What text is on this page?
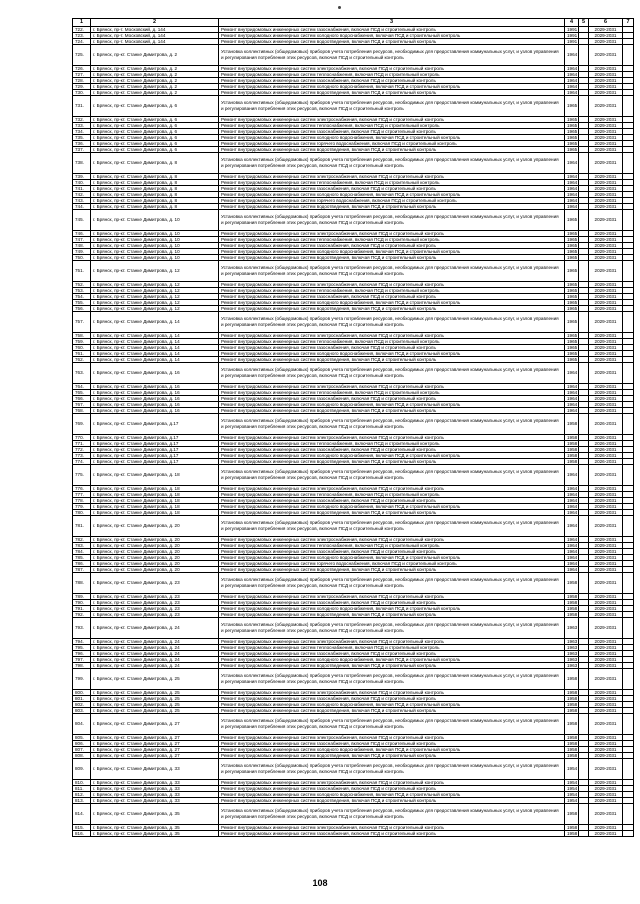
1	2	3	4	5	6	7
722.	г. Брянск, пр-т. Московский, д. 144	Ремонт внутридомовых инженерных систем газоснабжения, включая ПСД и строительный контроль	1991		2029-2031	
723.	г. Брянск, пр-т. Московский, д. 144	Ремонт внутридомовых инженерных систем холодного водоснабжения, включая ПСД и строительный контроль	1991		2029-2031	
724.	г. Брянск, пр-т. Московский, д. 144	Ремонт внутридомовых инженерных систем водоотведения, включая ПСД и строительный контроль	1991		2029-2031	
725.	г. Брянск, пр-кт. Станке Димитрова, д. 2	Установка коллективных (общедомовых) приборов учета потребления ресурсов, необходимых для предоставления коммунальных услуг, и узлов управления и регулирования потребления этих ресурсов, включая ПСД и строительный контроль	1964		2029-2031	
726.	г. Брянск, пр-кт. Станке Димитрова, д. 2	Ремонт внутридомовых инженерных систем электроснабжения, включая ПСД и строительный контроль	1964		2029-2031	
727.	г. Брянск, пр-кт. Станке Димитрова, д. 2	Ремонт внутридомовых инженерных систем теплоснабжения, включая ПСД и строительный контроль	1964		2029-2031	
728.	г. Брянск, пр-кт. Станке Димитрова, д. 2	Ремонт внутридомовых инженерных систем газоснабжения, включая ПСД и строительный контроль	1964		2029-2031	
729.	г. Брянск, пр-кт. Станке Димитрова, д. 2	Ремонт внутридомовых инженерных систем холодного водоснабжения, включая ПСД и строительный контроль	1964		2029-2031	
730.	г. Брянск, пр-кт. Станке Димитрова, д. 2	Ремонт внутридомовых инженерных систем водоотведения, включая ПСД и строительный контроль	1964		2029-2031	
731.	г. Брянск, пр-кт. Станке Димитрова, д. 6	Установка коллективных (общедомовых) приборов учета потребления ресурсов, необходимых для предоставления коммунальных услуг, и узлов управления и регулирования потребления этих ресурсов, включая ПСД и строительный контроль	1965		2029-2031	
732.	г. Брянск, пр-кт. Станке Димитрова, д. 6	Ремонт внутридомовых инженерных систем электроснабжения, включая ПСД и строительный контроль	1965		2029-2031	
733.	г. Брянск, пр-кт. Станке Димитрова, д. 6	Ремонт внутридомовых инженерных систем теплоснабжения, включая ПСД и строительный контроль	1965		2029-2031	
734.	г. Брянск, пр-кт. Станке Димитрова, д. 6	Ремонт внутридомовых инженерных систем газоснабжения, включая ПСД и строительный контроль	1965		2029-2031	
735.	г. Брянск, пр-кт. Станке Димитрова, д. 6	Ремонт внутридомовых инженерных систем холодного водоснабжения, включая ПСД и строительный контроль	1965		2029-2031	
736.	г. Брянск, пр-кт. Станке Димитрова, д. 6	Ремонт внутридомовых инженерных систем горячего водоснабжения, включая ПСД и строительный контроль	1965		2029-2031	
737.	г. Брянск, пр-кт. Станке Димитрова, д. 6	Ремонт внутридомовых инженерных систем водоотведения, включая ПСД и строительный контроль	1965		2029-2031	
738.	г. Брянск, пр-кт. Станке Димитрова, д. 8	Установка коллективных (общедомовых) приборов учета потребления ресурсов, необходимых для предоставления коммунальных услуг, и узлов управления и регулирования потребления этих ресурсов, включая ПСД и строительный контроль	1964		2029-2031	
739.	г. Брянск, пр-кт. Станке Димитрова, д. 8	Ремонт внутридомовых инженерных систем электроснабжения, включая ПСД и строительный контроль	1964		2029-2031	
740.	г. Брянск, пр-кт. Станке Димитрова, д. 8	Ремонт внутридомовых инженерных систем теплоснабжения, включая ПСД и строительный контроль	1964		2029-2031	
741.	г. Брянск, пр-кт. Станке Димитрова, д. 8	Ремонт внутридомовых инженерных систем газоснабжения, включая ПСД и строительный контроль	1964		2029-2031	
742.	г. Брянск, пр-кт. Станке Димитрова, д. 8	Ремонт внутридомовых инженерных систем холодного водоснабжения, включая ПСД и строительный контроль	1964		2029-2031	
743.	г. Брянск, пр-кт. Станке Димитрова, д. 8	Ремонт внутридомовых инженерных систем горячего водоснабжения, включая ПСД и строительный контроль	1964		2029-2031	
744.	г. Брянск, пр-кт. Станке Димитрова, д. 8	Ремонт внутридомовых инженерных систем водоотведения, включая ПСД и строительный контроль	1964		2029-2031	
745.	г. Брянск, пр-кт. Станке Димитрова, д. 10	Установка коллективных (общедомовых) приборов учета потребления ресурсов, необходимых для предоставления коммунальных услуг, и узлов управления и регулирования потребления этих ресурсов, включая ПСД и строительный контроль	1965		2029-2031	
746.	г. Брянск, пр-кт. Станке Димитрова, д. 10	Ремонт внутридомовых инженерных систем электроснабжения, включая ПСД и строительный контроль	1965		2029-2031	
747.	г. Брянск, пр-кт. Станке Димитрова, д. 10	Ремонт внутридомовых инженерных систем теплоснабжения, включая ПСД и строительный контроль	1965		2029-2031	
748.	г. Брянск, пр-кт. Станке Димитрова, д. 10	Ремонт внутридомовых инженерных систем газоснабжения, включая ПСД и строительный контроль	1965		2029-2031	
749.	г. Брянск, пр-кт. Станке Димитрова, д. 10	Ремонт внутридомовых инженерных систем холодного водоснабжения, включая ПСД и строительный контроль	1965		2029-2031	
750.	г. Брянск, пр-кт. Станке Димитрова, д. 10	Ремонт внутридомовых инженерных систем водоотведения, включая ПСД и строительный контроль	1965		2029-2031	
751.	г. Брянск, пр-кт. Станке Димитрова, д. 12	Установка коллективных (общедомовых) приборов учета потребления ресурсов, необходимых для предоставления коммунальных услуг, и узлов управления и регулирования потребления этих ресурсов, включая ПСД и строительный контроль	1965		2029-2031	
752.	г. Брянск, пр-кт. Станке Димитрова, д. 12	Ремонт внутридомовых инженерных систем электроснабжения, включая ПСД и строительный контроль	1965		2029-2031	
753.	г. Брянск, пр-кт. Станке Димитрова, д. 12	Ремонт внутридомовых инженерных систем теплоснабжения, включая ПСД и строительный контроль	1965		2029-2031	
754.	г. Брянск, пр-кт. Станке Димитрова, д. 12	Ремонт внутридомовых инженерных систем газоснабжения, включая ПСД и строительный контроль	1965		2029-2031	
755.	г. Брянск, пр-кт. Станке Димитрова, д. 12	Ремонт внутридомовых инженерных систем холодного водоснабжения, включая ПСД и строительный контроль	1965		2029-2031	
756.	г. Брянск, пр-кт. Станке Димитрова, д. 12	Ремонт внутридомовых инженерных систем водоотведения, включая ПСД и строительный контроль	1965		2029-2031	
757.	г. Брянск, пр-кт. Станке Димитрова, д. 14	Установка коллективных (общедомовых) приборов учета потребления ресурсов, необходимых для предоставления коммунальных услуг, и узлов управления и регулирования потребления этих ресурсов, включая ПСД и строительный контроль	1965		2029-2031	
758.	г. Брянск, пр-кт. Станке Димитрова, д. 14	Ремонт внутридомовых инженерных систем электроснабжения, включая ПСД и строительный контроль	1965		2029-2031	
759.	г. Брянск, пр-кт. Станке Димитрова, д. 14	Ремонт внутридомовых инженерных систем теплоснабжения, включая ПСД и строительный контроль	1965		2029-2031	
760.	г. Брянск, пр-кт. Станке Димитрова, д. 14	Ремонт внутридомовых инженерных систем газоснабжения, включая ПСД и строительный контроль	1965		2029-2031	
761.	г. Брянск, пр-кт. Станке Димитрова, д. 14	Ремонт внутридомовых инженерных систем холодного водоснабжения, включая ПСД и строительный контроль	1965		2029-2031	
762.	г. Брянск, пр-кт. Станке Димитрова, д. 14	Ремонт внутридомовых инженерных систем водоотведения, включая ПСД и строительный контроль	1965		2029-2031	
763.	г. Брянск, пр-кт. Станке Димитрова, д. 16	Установка коллективных (общедомовых) приборов учета потребления ресурсов, необходимых для предоставления коммунальных услуг, и узлов управления и регулирования потребления этих ресурсов, включая ПСД и строительный контроль	1964		2029-2031	
764.	г. Брянск, пр-кт. Станке Димитрова, д. 16	Ремонт внутридомовых инженерных систем электроснабжения, включая ПСД и строительный контроль	1964		2029-2031	
765.	г. Брянск, пр-кт. Станке Димитрова, д. 16	Ремонт внутридомовых инженерных систем теплоснабжения, включая ПСД и строительный контроль	1964		2029-2031	
766.	г. Брянск, пр-кт. Станке Димитрова, д. 16	Ремонт внутридомовых инженерных систем газоснабжения, включая ПСД и строительный контроль	1964		2029-2031	
767.	г. Брянск, пр-кт. Станке Димитрова, д. 16	Ремонт внутридомовых инженерных систем холодного водоснабжения, включая ПСД и строительный контроль	1964		2029-2031	
768.	г. Брянск, пр-кт. Станке Димитрова, д. 16	Ремонт внутридомовых инженерных систем водоотведения, включая ПСД и строительный контроль	1964		2029-2031	
769.	г. Брянск, пр-кт. Станке Димитрова, д.17	Установка коллективных (общедомовых) приборов учета потребления ресурсов, необходимых для предоставления коммунальных услуг, и узлов управления и регулирования потребления этих ресурсов, включая ПСД и строительный контроль	1958		2026-2031	
770.	г. Брянск, пр-кт. Станке Димитрова, д.17	Ремонт внутридомовых инженерных систем электроснабжения, включая ПСД и строительный контроль	1958		2026-2031	
771.	г. Брянск, пр-кт. Станке Димитрова, д.17	Ремонт внутридомовых инженерных систем теплоснабжения, включая ПСД и строительный контроль	1958		2026-2031	
772.	г. Брянск, пр-кт. Станке Димитрова, д.17	Ремонт внутридомовых инженерных систем газоснабжения, включая ПСД и строительный контроль	1958		2026-2031	
773.	г. Брянск, пр-кт. Станке Димитрова, д.17	Ремонт внутридомовых инженерных систем холодного водоснабжения, включая ПСД и строительный контроль	1958		2026-2031	
774.	г. Брянск, пр-кт. Станке Димитрова, д.17	Ремонт внутридомовых инженерных систем водоотведения, включая ПСД и строительный контроль	1958		2026-2031	
775.	г. Брянск, пр-кт. Станке Димитрова, д. 18	Установка коллективных (общедомовых) приборов учета потребления ресурсов, необходимых для предоставления коммунальных услуг, и узлов управления и регулирования потребления этих ресурсов, включая ПСД и строительный контроль	1964		2029-2031	
776.	г. Брянск, пр-кт. Станке Димитрова, д. 18	Ремонт внутридомовых инженерных систем электроснабжения, включая ПСД и строительный контроль	1964		2029-2031	
777.	г. Брянск, пр-кт. Станке Димитрова, д. 18	Ремонт внутридомовых инженерных систем теплоснабжения, включая ПСД и строительный контроль	1964		2029-2031	
778.	г. Брянск, пр-кт. Станке Димитрова, д. 18	Ремонт внутридомовых инженерных систем газоснабжения, включая ПСД и строительный контроль	1964		2029-2031	
779.	г. Брянск, пр-кт. Станке Димитрова, д. 18	Ремонт внутридомовых инженерных систем холодного водоснабжения, включая ПСД и строительный контроль	1964		2029-2031	
780.	г. Брянск, пр-кт. Станке Димитрова, д. 18	Ремонт внутридомовых инженерных систем водоотведения, включая ПСД и строительный контроль	1964		2029-2031	
781.	г. Брянск, пр-кт. Станке Димитрова, д. 20	Установка коллективных (общедомовых) приборов учета потребления ресурсов, необходимых для предоставления коммунальных услуг, и узлов управления и регулирования потребления этих ресурсов, включая ПСД и строительный контроль	1964		2029-2031	
782.	г. Брянск, пр-кт. Станке Димитрова, д. 20	Ремонт внутридомовых инженерных систем электроснабжения, включая ПСД и строительный контроль	1964		2029-2031	
783.	г. Брянск, пр-кт. Станке Димитрова, д. 20	Ремонт внутридомовых инженерных систем теплоснабжения, включая ПСД и строительный контроль	1964		2029-2031	
784.	г. Брянск, пр-кт. Станке Димитрова, д. 20	Ремонт внутридомовых инженерных систем газоснабжения, включая ПСД и строительный контроль	1964		2029-2031	
785.	г. Брянск, пр-кт. Станке Димитрова, д. 20	Ремонт внутридомовых инженерных систем холодного водоснабжения, включая ПСД и строительный контроль	1964		2029-2031	
786.	г. Брянск, пр-кт. Станке Димитрова, д. 20	Ремонт внутридомовых инженерных систем горячего водоснабжения, включая ПСД и строительный контроль	1964		2029-2031	
787.	г. Брянск, пр-кт. Станке Димитрова, д. 20	Ремонт внутридомовых инженерных систем водоотведения, включая ПСД и строительный контроль	1964		2029-2031	
788.	г. Брянск, пр-кт. Станке Димитрова, д. 23	Установка коллективных (общедомовых) приборов учета потребления ресурсов, необходимых для предоставления коммунальных услуг, и узлов управления и регулирования потребления этих ресурсов, включая ПСД и строительный контроль	1958		2029-2031	
789.	г. Брянск, пр-кт. Станке Димитрова, д. 23	Ремонт внутридомовых инженерных систем электроснабжения, включая ПСД и строительный контроль	1958		2029-2031	
790.	г. Брянск, пр-кт. Станке Димитрова, д. 23	Ремонт внутридомовых инженерных систем газоснабжения, включая ПСД и строительный контроль	1958		2029-2031	
791.	г. Брянск, пр-кт. Станке Димитрова, д. 23	Ремонт внутридомовых инженерных систем холодного водоснабжения, включая ПСД и строительный контроль	1958		2029-2031	
792.	г. Брянск, пр-кт. Станке Димитрова, д. 23	Ремонт внутридомовых инженерных систем водоотведения, включая ПСД и строительный контроль	1958		2029-2031	
793.	г. Брянск, пр-кт. Станке Димитрова, д. 24	Установка коллективных (общедомовых) приборов учета потребления ресурсов, необходимых для предоставления коммунальных услуг, и узлов управления и регулирования потребления этих ресурсов, включая ПСД и строительный контроль	1963		2029-2031	
794.	г. Брянск, пр-кт. Станке Димитрова, д. 24	Ремонт внутридомовых инженерных систем электроснабжения, включая ПСД и строительный контроль	1963		2029-2031	
795.	г. Брянск, пр-кт. Станке Димитрова, д. 24	Ремонт внутридомовых инженерных систем теплоснабжения, включая ПСД и строительный контроль	1963		2029-2031	
796.	г. Брянск, пр-кт. Станке Димитрова, д. 24	Ремонт внутридомовых инженерных систем газоснабжения, включая ПСД и строительный контроль	1963		2029-2031	
797.	г. Брянск, пр-кт. Станке Димитрова, д. 24	Ремонт внутридомовых инженерных систем холодного водоснабжения, включая ПСД и строительный контроль	1963		2029-2031	
798.	г. Брянск, пр-кт. Станке Димитрова, д. 24	Ремонт внутридомовых инженерных систем водоотведения, включая ПСД и строительный контроль	1963		2029-2031	
799.	г. Брянск, пр-кт. Станке Димитрова, д. 25	Установка коллективных (общедомовых) приборов учета потребления ресурсов, необходимых для предоставления коммунальных услуг, и узлов управления и регулирования потребления этих ресурсов, включая ПСД и строительный контроль	1958		2029-2031	
800.	г. Брянск, пр-кт. Станке Димитрова, д. 25	Ремонт внутридомовых инженерных систем электроснабжения, включая ПСД и строительный контроль	1958		2029-2031	
801.	г. Брянск, пр-кт. Станке Димитрова, д. 25	Ремонт внутридомовых инженерных систем газоснабжения, включая ПСД и строительный контроль	1958		2029-2031	
802.	г. Брянск, пр-кт. Станке Димитрова, д. 25	Ремонт внутридомовых инженерных систем холодного водоснабжения, включая ПСД и строительный контроль	1958		2029-2031	
803.	г. Брянск, пр-кт. Станке Димитрова, д. 25	Ремонт внутридомовых инженерных систем водоотведения, включая ПСД и строительный контроль	1958		2029-2031	
804.	г. Брянск, пр-кт. Станке Димитрова, д. 27	Установка коллективных (общедомовых) приборов учета потребления ресурсов, необходимых для предоставления коммунальных услуг, и узлов управления и регулирования потребления этих ресурсов, включая ПСД и строительный контроль	1958		2029-2031	
805.	г. Брянск, пр-кт. Станке Димитрова, д. 27	Ремонт внутридомовых инженерных систем электроснабжения, включая ПСД и строительный контроль	1958		2029-2031	
806.	г. Брянск, пр-кт. Станке Димитрова, д. 27	Ремонт внутридомовых инженерных систем газоснабжения, включая ПСД и строительный контроль	1958		2029-2031	
807.	г. Брянск, пр-кт. Станке Димитрова, д. 27	Ремонт внутридомовых инженерных систем холодного водоснабжения, включая ПСД и строительный контроль	1958		2029-2031	
808.	г. Брянск, пр-кт. Станке Димитрова, д. 27	Ремонт внутридомовых инженерных систем водоотведения, включая ПСД и строительный контроль	1958		2029-2031	
809.	г. Брянск, пр-кт. Станке Димитрова, д. 33	Установка коллективных (общедомовых) приборов учета потребления ресурсов, необходимых для предоставления коммунальных услуг, и узлов управления и регулирования потребления этих ресурсов, включая ПСД и строительный контроль	1954		2029-2031	
810.	г. Брянск, пр-кт. Станке Димитрова, д. 33	Ремонт внутридомовых инженерных систем электроснабжения, включая ПСД и строительный контроль	1954		2029-2031	
811.	г. Брянск, пр-кт. Станке Димитрова, д. 33	Ремонт внутридомовых инженерных систем газоснабжения, включая ПСД и строительный контроль	1954		2029-2031	
812.	г. Брянск, пр-кт. Станке Димитрова, д. 33	Ремонт внутридомовых инженерных систем холодного водоснабжения, включая ПСД и строительный контроль	1954		2029-2031	
813.	г. Брянск, пр-кт. Станке Димитрова, д. 33	Ремонт внутридомовых инженерных систем водоотведения, включая ПСД и строительный контроль	1954		2029-2031	
814.	г. Брянск, пр-кт. Станке Димитрова, д. 35	Установка коллективных (общедомовых) приборов учета потребления ресурсов, необходимых для предоставления коммунальных услуг, и узлов управления и регулирования потребления этих ресурсов, включая ПСД и строительный контроль	1958		2029-2031	
815.	г. Брянск, пр-кт. Станке Димитрова, д. 35	Ремонт внутридомовых инженерных систем электроснабжения, включая ПСД и строительный контроль	1958		2029-2031	
816.	г. Брянск, пр-кт. Станке Димитрова, д. 35	Ремонт внутридомовых инженерных систем газоснабжения, включая ПСД и строительный контроль	1958		2029-2031	
108
